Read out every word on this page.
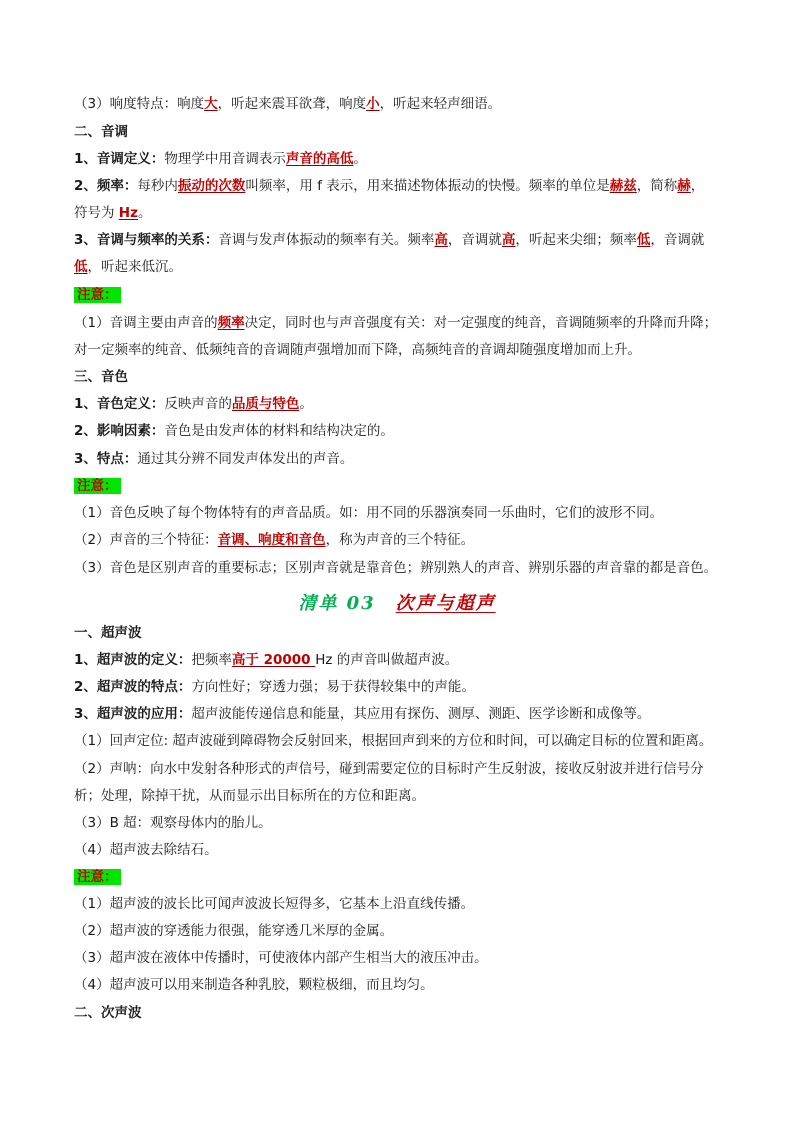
（3）响度特点：响度大，听起来震耳欲聋，响度小，听起来轻声细语。
二、音调
1、音调定义：物理学中用音调表示声音的高低。
2、频率：每秒内振动的次数叫频率，用 f 表示，用来描述物体振动的快慢。频率的单位是赫兹，简称赫，
符号为 Hz。
3、音调与频率的关系：音调与发声体振动的频率有关。频率高，音调就高，听起来尖细；频率低，音调就
低，听起来低沉。
注意：
（1）音调主要由声音的频率决定，同时也与声音强度有关：对一定强度的纯音，音调随频率的升降而升降；
对一定频率的纯音、低频纯音的音调随声强增加而下降，高频纯音的音调却随强度增加而上升。
三、音色
1、音色定义：反映声音的品质与特色。
2、影响因素：音色是由发声体的材料和结构决定的。
3、特点：通过其分辨不同发声体发出的声音。
注意：
（1）音色反映了每个物体特有的声音品质。如：用不同的乐器演奏同一乐曲时，它们的波形不同。
（2）声音的三个特征：音调、响度和音色，称为声音的三个特征。
（3）音色是区别声音的重要标志；区别声音就是靠音色；辨别熟人的声音、辨别乐器的声音靠的都是音色。
清单 03　 次声与超声
一、超声波
1、超声波的定义：把频率高于 20000 Hz 的声音叫做超声波。
2、超声波的特点：方向性好；穿透力强；易于获得较集中的声能。
3、超声波的应用：超声波能传递信息和能量，其应用有探伤、测厚、测距、医学诊断和成像等。
（1）回声定位: 超声波碰到障碍物会反射回来，根据回声到来的方位和时间，可以确定目标的位置和距离。
（2）声呐：向水中发射各种形式的声信号，碰到需要定位的目标时产生反射波，接收反射波并进行信号分
析；处理，除掉干扰，从而显示出目标所在的方位和距离。
（3）B 超：观察母体内的胎儿。
（4）超声波去除结石。
注意：
（1）超声波的波长比可闻声波波长短得多，它基本上沿直线传播。
（2）超声波的穿透能力很强，能穿透几米厚的金属。
（3）超声波在液体中传播时，可使液体内部产生相当大的液压冲击。
（4）超声波可以用来制造各种乳胶，颗粒极细，而且均匀。
二、次声波
